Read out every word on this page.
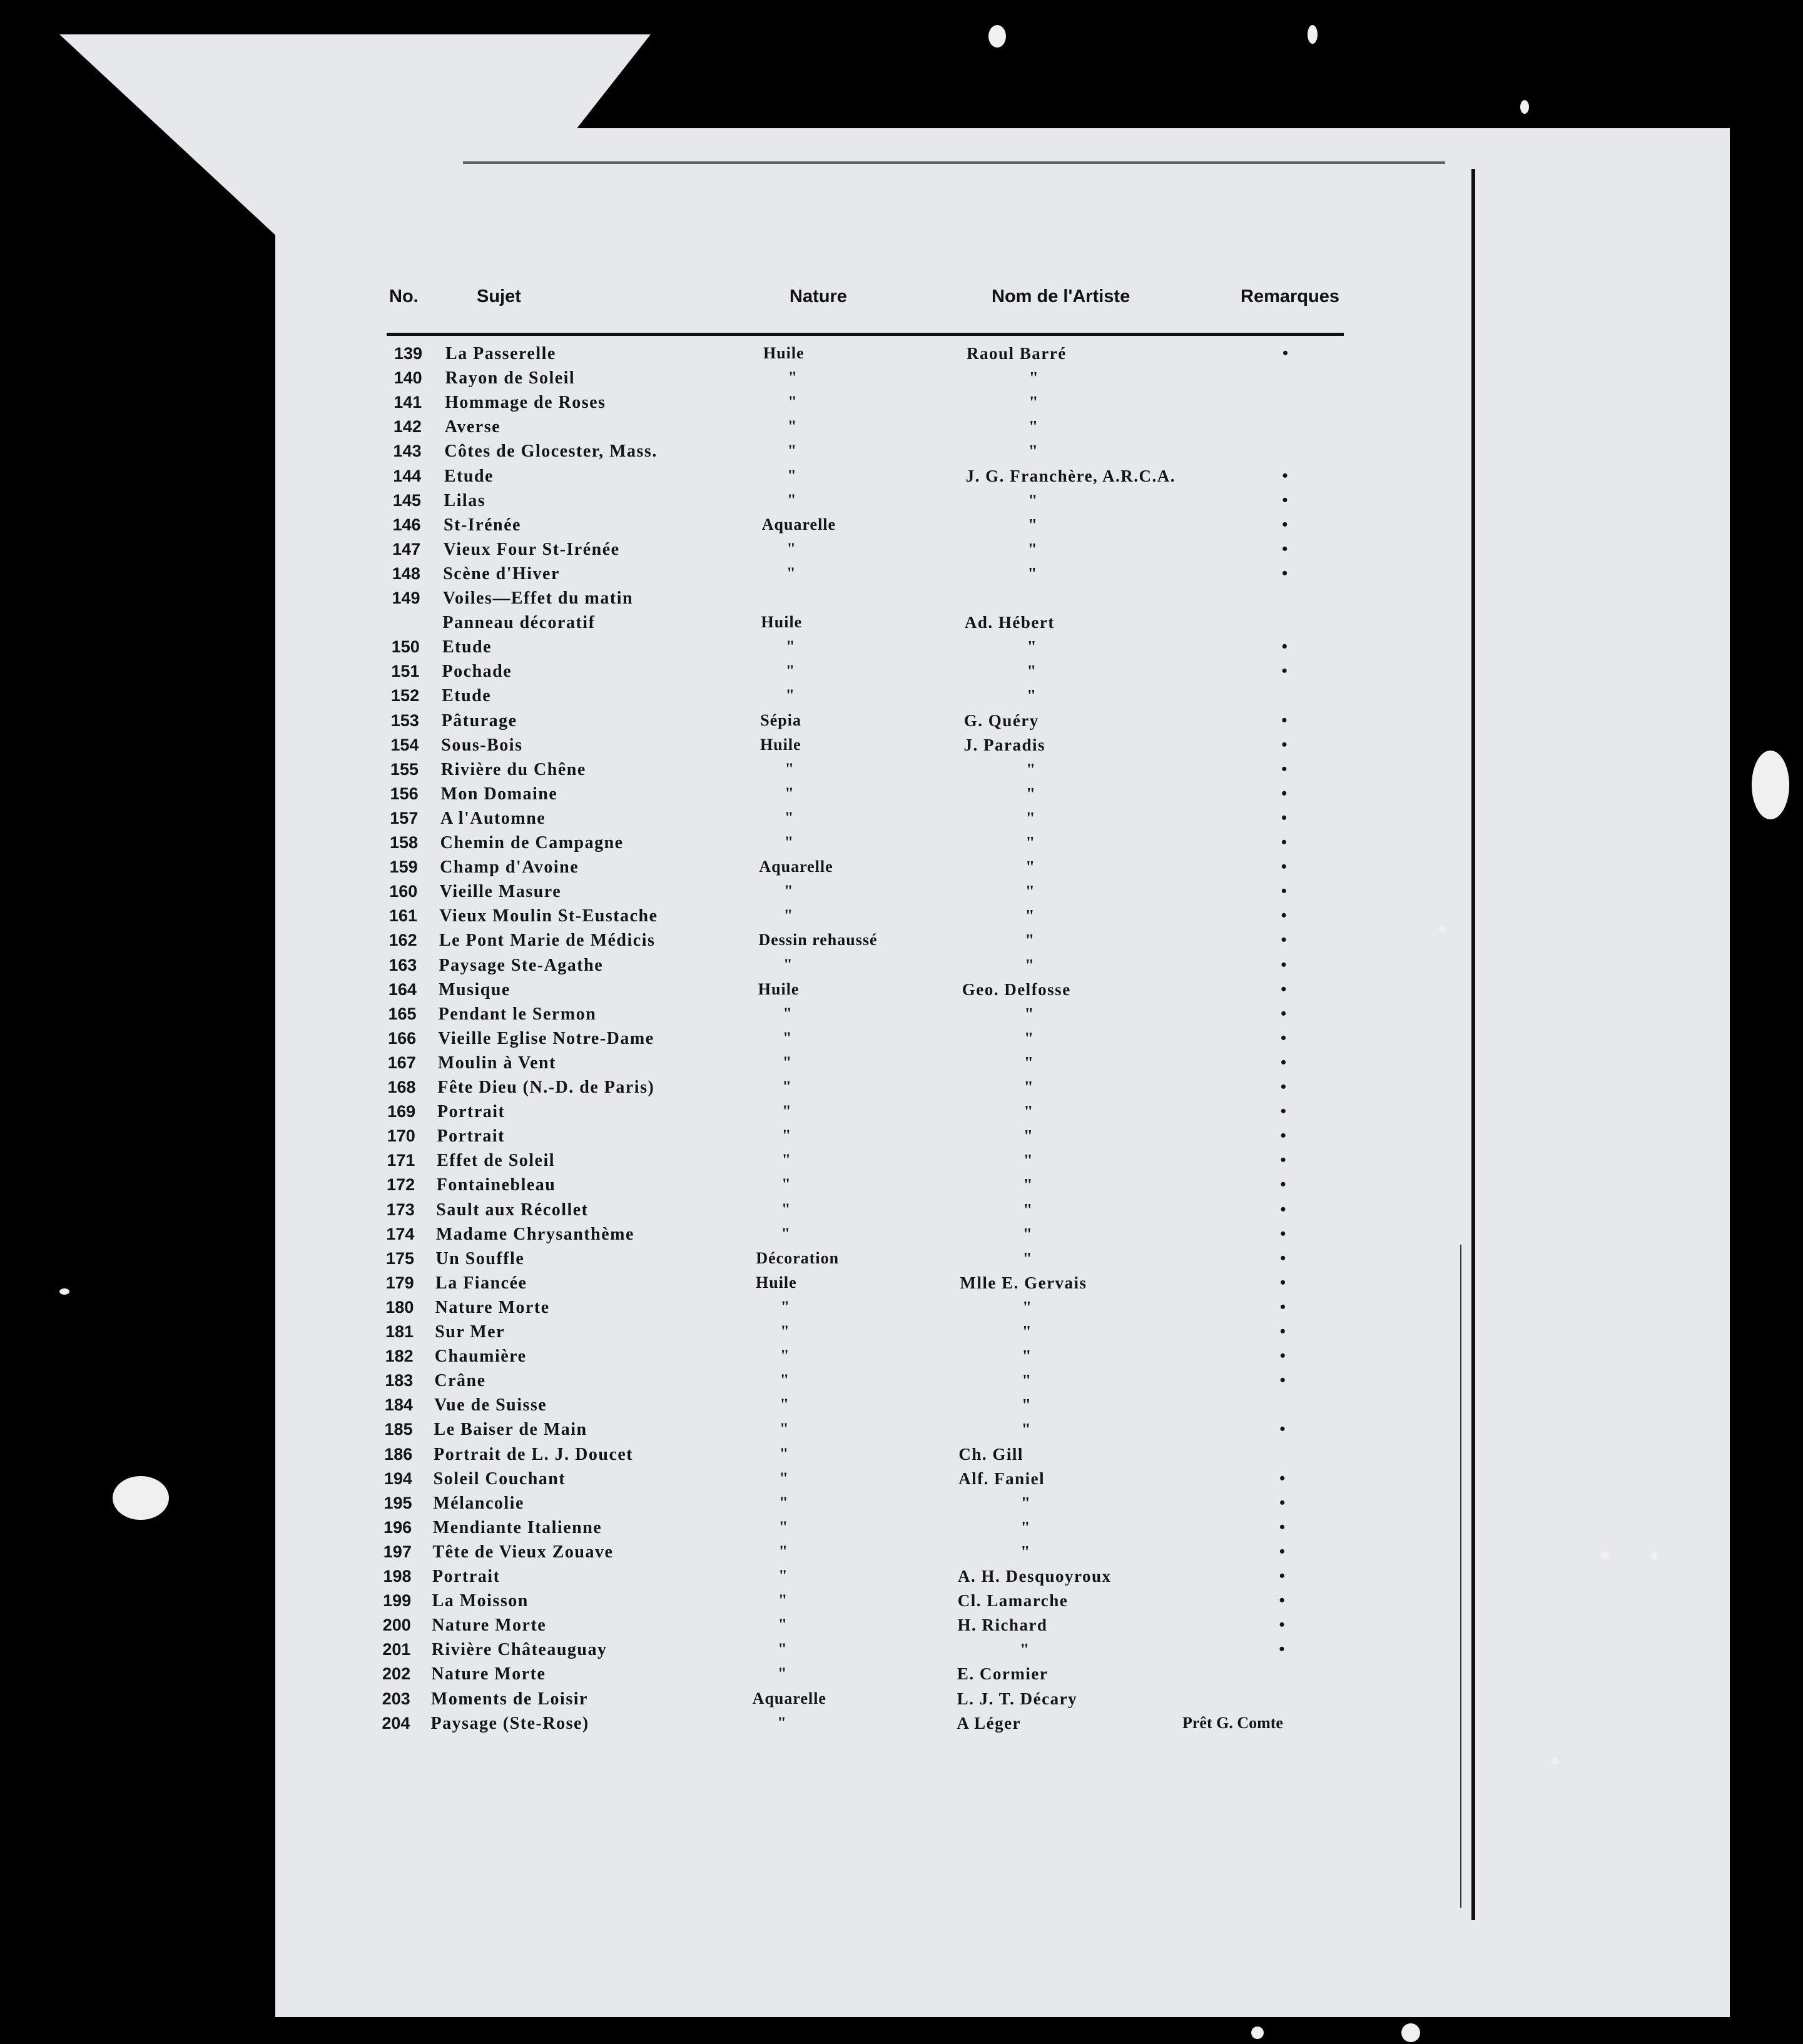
No.	Sujet	Nature	Nom de l'Artiste	Remarques
139 La Passerelle	Huile	Raoul Barré	•
140 Rayon de Soleil	"	"
141 Hommage de Roses	"	"
142 Averse	"	"
143 Côtes de Glocester, Mass.	"	"
144 Etude	"	J. G. Franchère, A.R.C.A.	•
145 Lilas	"	"	•
146 St-Irénée	Aquarelle	"	•
147 Vieux Four St-Irénée	"	"	•
148 Scène d'Hiver	"	"	•
149 Voiles—Effet du matin
Panneau décoratif	Huile	Ad. Hébert
150 Etude	"	"	•
151 Pochade	"	"	•
152 Etude	"	"
153 Pâturage	Sépia	G. Quéry	•
154 Sous-Bois	Huile	J. Paradis	•
155 Rivière du Chêne	"	"	•
156 Mon Domaine	"	"	•
157 A l'Automne	"	"	•
158 Chemin de Campagne	"	"	•
159 Champ d'Avoine	Aquarelle	"	•
160 Vieille Masure	"	"	•
161 Vieux Moulin St-Eustache	"	"	•
162 Le Pont Marie de Médicis	Dessin rehaussé	"	•
163 Paysage Ste-Agathe	"	"	•
164 Musique	Huile	Geo. Delfosse	•
165 Pendant le Sermon	"	"	•
166 Vieille Eglise Notre-Dame	"	"	•
167 Moulin à Vent	"	"	•
168 Fête Dieu (N.-D. de Paris)	"	"	•
169 Portrait	"	"	•
170 Portrait	"	"	•
171 Effet de Soleil	"	"	•
172 Fontainebleau	"	"	•
173 Sault aux Récollet	"	"	•
174 Madame Chrysanthème	"	"	•
175 Un Souffle	Décoration	"	•
179 La Fiancée	Huile	Mlle E. Gervais	•
180 Nature Morte	"	"	•
181 Sur Mer	"	"	•
182 Chaumière	"	"	•
183 Crâne	"	"	•
184 Vue de Suisse	"	"
185 Le Baiser de Main	"	"	•
186 Portrait de L. J. Doucet	"	Ch. Gill
194 Soleil Couchant	"	Alf. Faniel	•
195 Mélancolie	"	"	•
196 Mendiante Italienne	"	"	•
197 Tête de Vieux Zouave	"	"	•
198 Portrait	"	A. H. Desquoyroux	•
199 La Moisson	"	Cl. Lamarche	•
200 Nature Morte	"	H. Richard	•
201 Rivière Châteauguay	"	"	•
202 Nature Morte	"	E. Cormier
203 Moments de Loisir	Aquarelle	L. J. T. Décary
204 Paysage (Ste-Rose)	"	A Léger	Prêt G. Comte
